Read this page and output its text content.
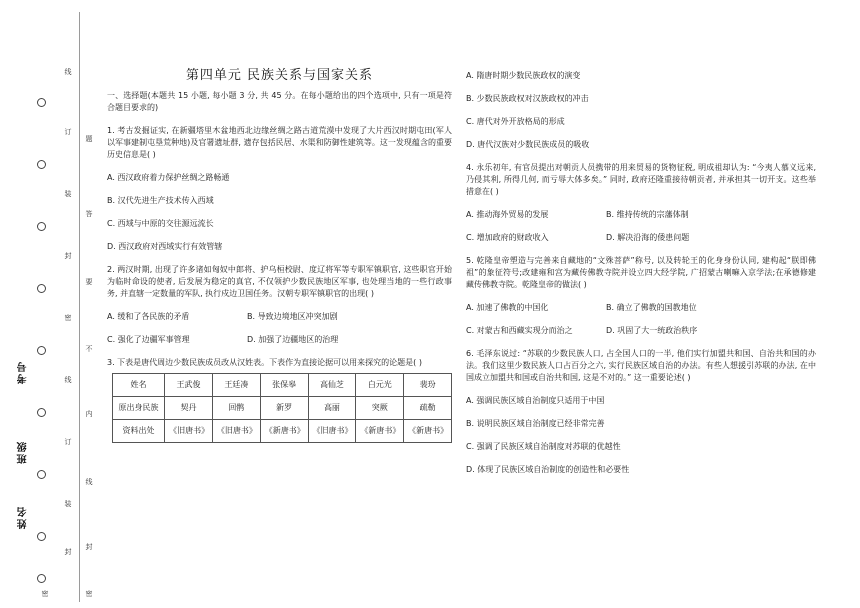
线
订
装
封
密
线
订
装
封
密
题
答
要
不
内
线
封
密
考号
班级
姓名
第四单元 民族关系与国家关系
一、选择题(本题共 15 小题, 每小题 3 分, 共 45 分。在每小题给出的四个选项中, 只有一项是符合题目要求的)
1. 考古发掘证实, 在新疆塔里木盆地西北边缘丝绸之路古道荒漠中发现了大片西汉时期屯田(军人以军事建制屯垦荒种地)及官署遗址群, 遗存包括民居、水渠和防御性建筑等。这一发现蕴含的重要历史信息是( )
A. 西汉政府着力保护丝绸之路畅通
B. 汉代先进生产技术传入西域
C. 西域与中原的交往源远流长
D. 西汉政府对西域实行有效管辖
2. 两汉时期, 出现了许多诸如匈奴中郎将、护乌桓校尉、度辽将军等专职军镇职官, 这些职官开始为临时命设的使者, 后发展为稳定的真官, 不仅领护少数民族地区军事, 也处理当地的一些行政事务, 并直辖一定数量的军队, 执行戍边卫国任务。汉朝专职军镇职官的出现( )
A. 缓和了各民族的矛盾	B. 导致边境地区冲突加剧
C. 强化了边疆军事管理	D. 加强了边疆地区的治理
3. 下表是唐代周边少数民族成员改从汉姓表。下表作为直接论据可以用来探究的论题是( )
姓名	王武俊	王廷凑	张保皋	高仙芝	白元光	裴玢
原出身民族	契丹	回鹘	新罗	高丽	突厥	疏勒
资料出处	《旧唐书》	《旧唐书》	《新唐书》	《旧唐书》	《新唐书》	《新唐书》
A. 隋唐时期少数民族政权的演变
B. 少数民族政权对汉族政权的冲击
C. 唐代对外开放格局的形成
D. 唐代汉族对少数民族成员的吸收
4. 永乐初年, 有官员提出对朝贡人员携带的用来贸易的货物征税, 明成祖却认为: “今夷人慕义远来, 乃侵其利, 所得几何, 而亏辱大体多矣。” 同时, 政府还隆重接待朝贡者, 并承担其一切开支。这些举措意在( )
A. 推动海外贸易的发展	B. 维持传统的宗藩体制
C. 增加政府的财政收入	D. 解决沿海的倭患问题
5. 乾隆皇帝塑造与完善来自藏地的“文殊菩萨”称号, 以及转轮王的化身身份认同, 建构起“朕即佛祖”的象征符号;改建雍和宫为藏传佛教寺院并设立四大经学院, 广招蒙古喇嘛入京学法;在承德修建藏传佛教寺院。乾隆皇帝的做法( )
A. 加速了佛教的中国化	B. 确立了佛教的国教地位
C. 对蒙古和西藏实现分而治之	D. 巩固了大一统政治秩序
6. 毛泽东说过: “苏联的少数民族人口, 占全国人口的一半, 他们实行加盟共和国、自治共和国的办法。我们这里少数民族人口占百分之六, 实行民族区域自治的办法。有些人想援引苏联的办法, 在中国成立加盟共和国或自治共和国, 这是不对的。” 这一重要论述( )
A. 强调民族区域自治制度只适用于中国
B. 说明民族区域自治制度已经非常完善
C. 强调了民族区域自治制度对苏联的优越性
D. 体现了民族区域自治制度的创造性和必要性
